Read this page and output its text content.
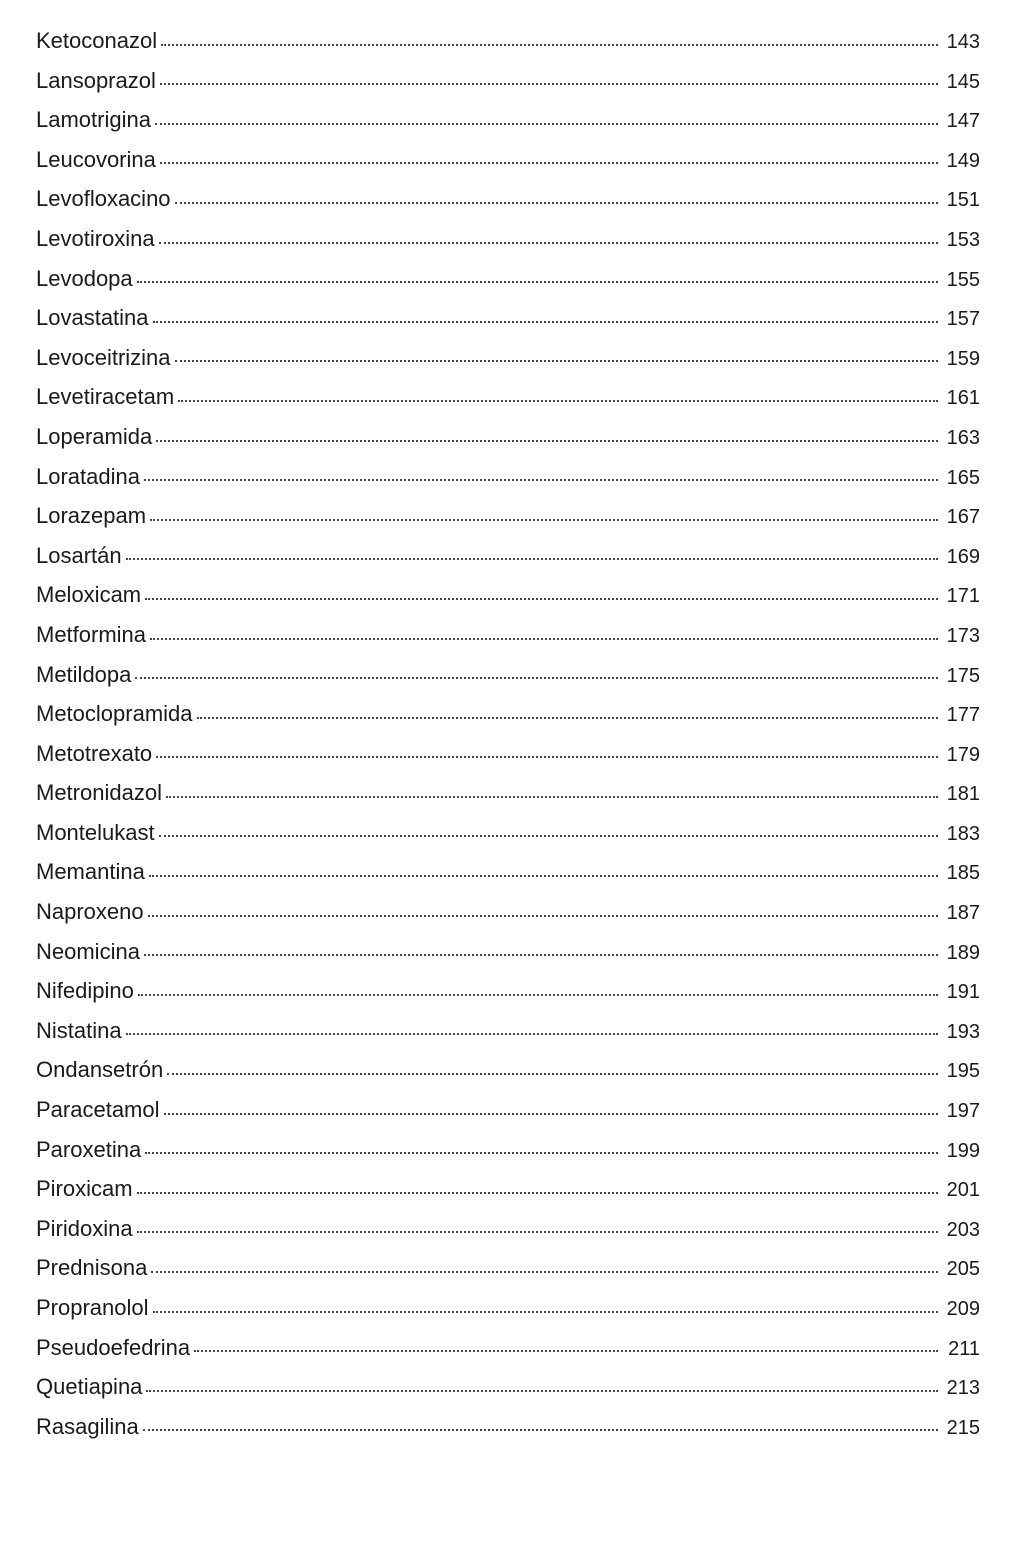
Ketoconazol	143
Lansoprazol	145
Lamotrigina	147
Leucovorina	149
Levofloxacino	151
Levotiroxina	153
Levodopa	155
Lovastatina	157
Levoceitrizina	159
Levetiracetam	161
Loperamida	163
Loratadina	165
Lorazepam	167
Losartán	169
Meloxicam	171
Metformina	173
Metildopa	175
Metoclopramida	177
Metotrexato	179
Metronidazol	181
Montelukast	183
Memantina	185
Naproxeno	187
Neomicina	189
Nifedipino	191
Nistatina	193
Ondansetrón	195
Paracetamol	197
Paroxetina	199
Piroxicam	201
Piridoxina	203
Prednisona	205
Propranolol	209
Pseudoefedrina	211
Quetiapina	213
Rasagilina	215
